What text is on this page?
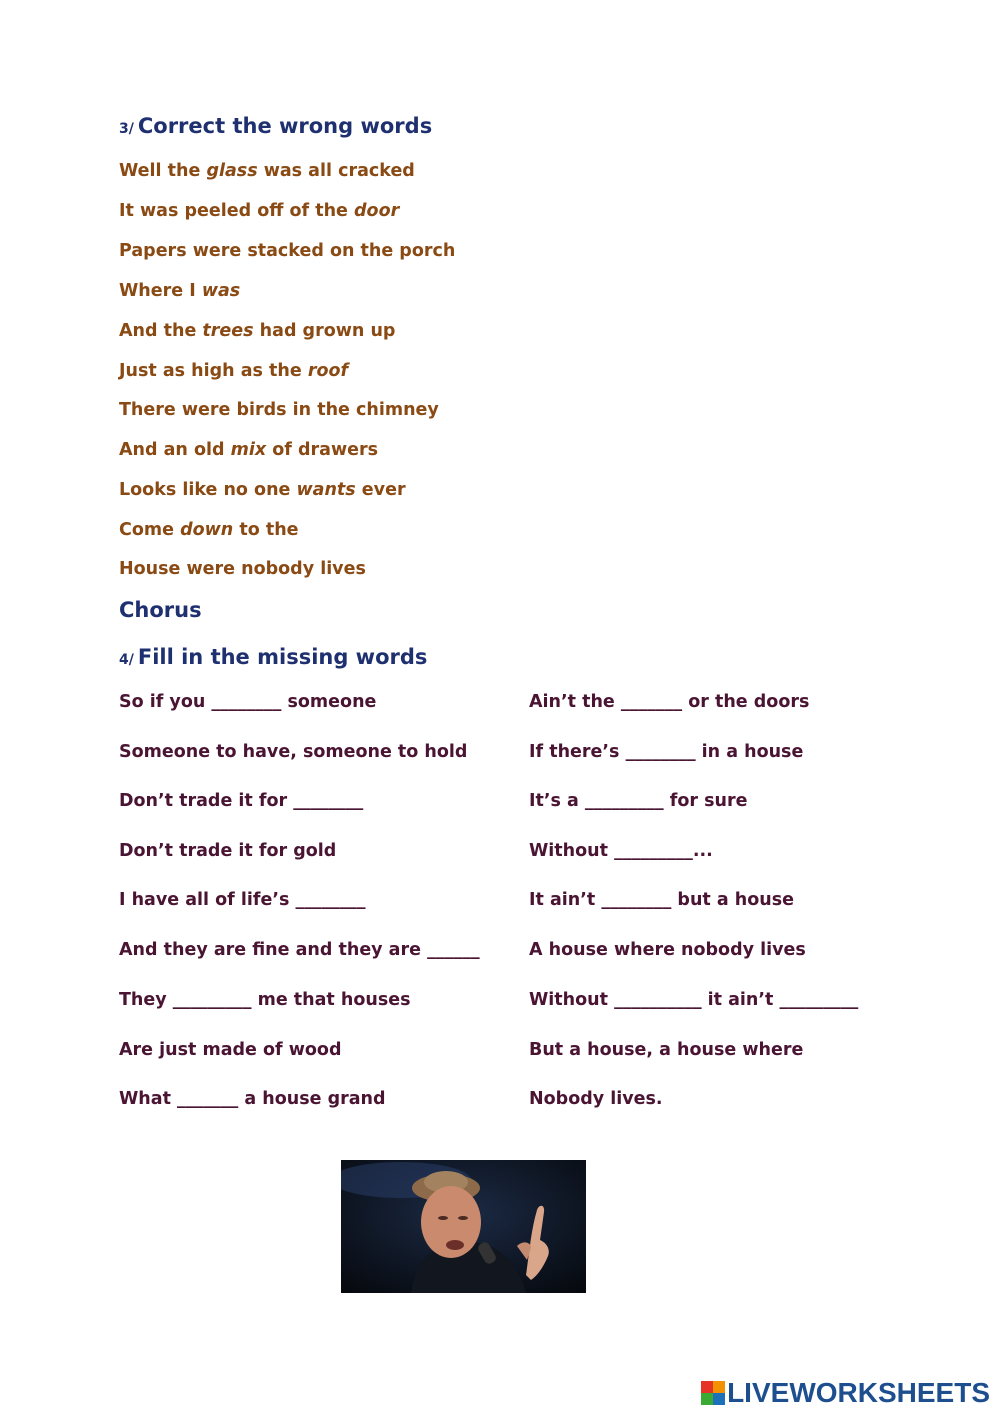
3/ Correct the wrong words
Well the glass was all cracked
It was peeled off of the door
Papers were stacked on the porch
Where I was
And the trees had grown up
Just as high as the roof
There were birds in the chimney
And an old mix of drawers
Looks like no one wants ever
Come down to the
House were nobody lives
Chorus
4/ Fill in the missing words
So if you ________ someone
Someone to have, someone to hold
Don’t trade it for ________
Don’t trade it for gold
I have all of life’s ________
And they are fine and they are ______
They _________ me that houses
Are just made of wood
What _______ a house grand
Ain’t the _______ or the doors
If there’s ________ in a house
It’s a _________ for sure
Without _________...
It ain’t ________ but a house
A house where nobody lives
Without __________ it ain’t _________
But a house, a house where
Nobody lives.
LIVEWORKSHEETS
